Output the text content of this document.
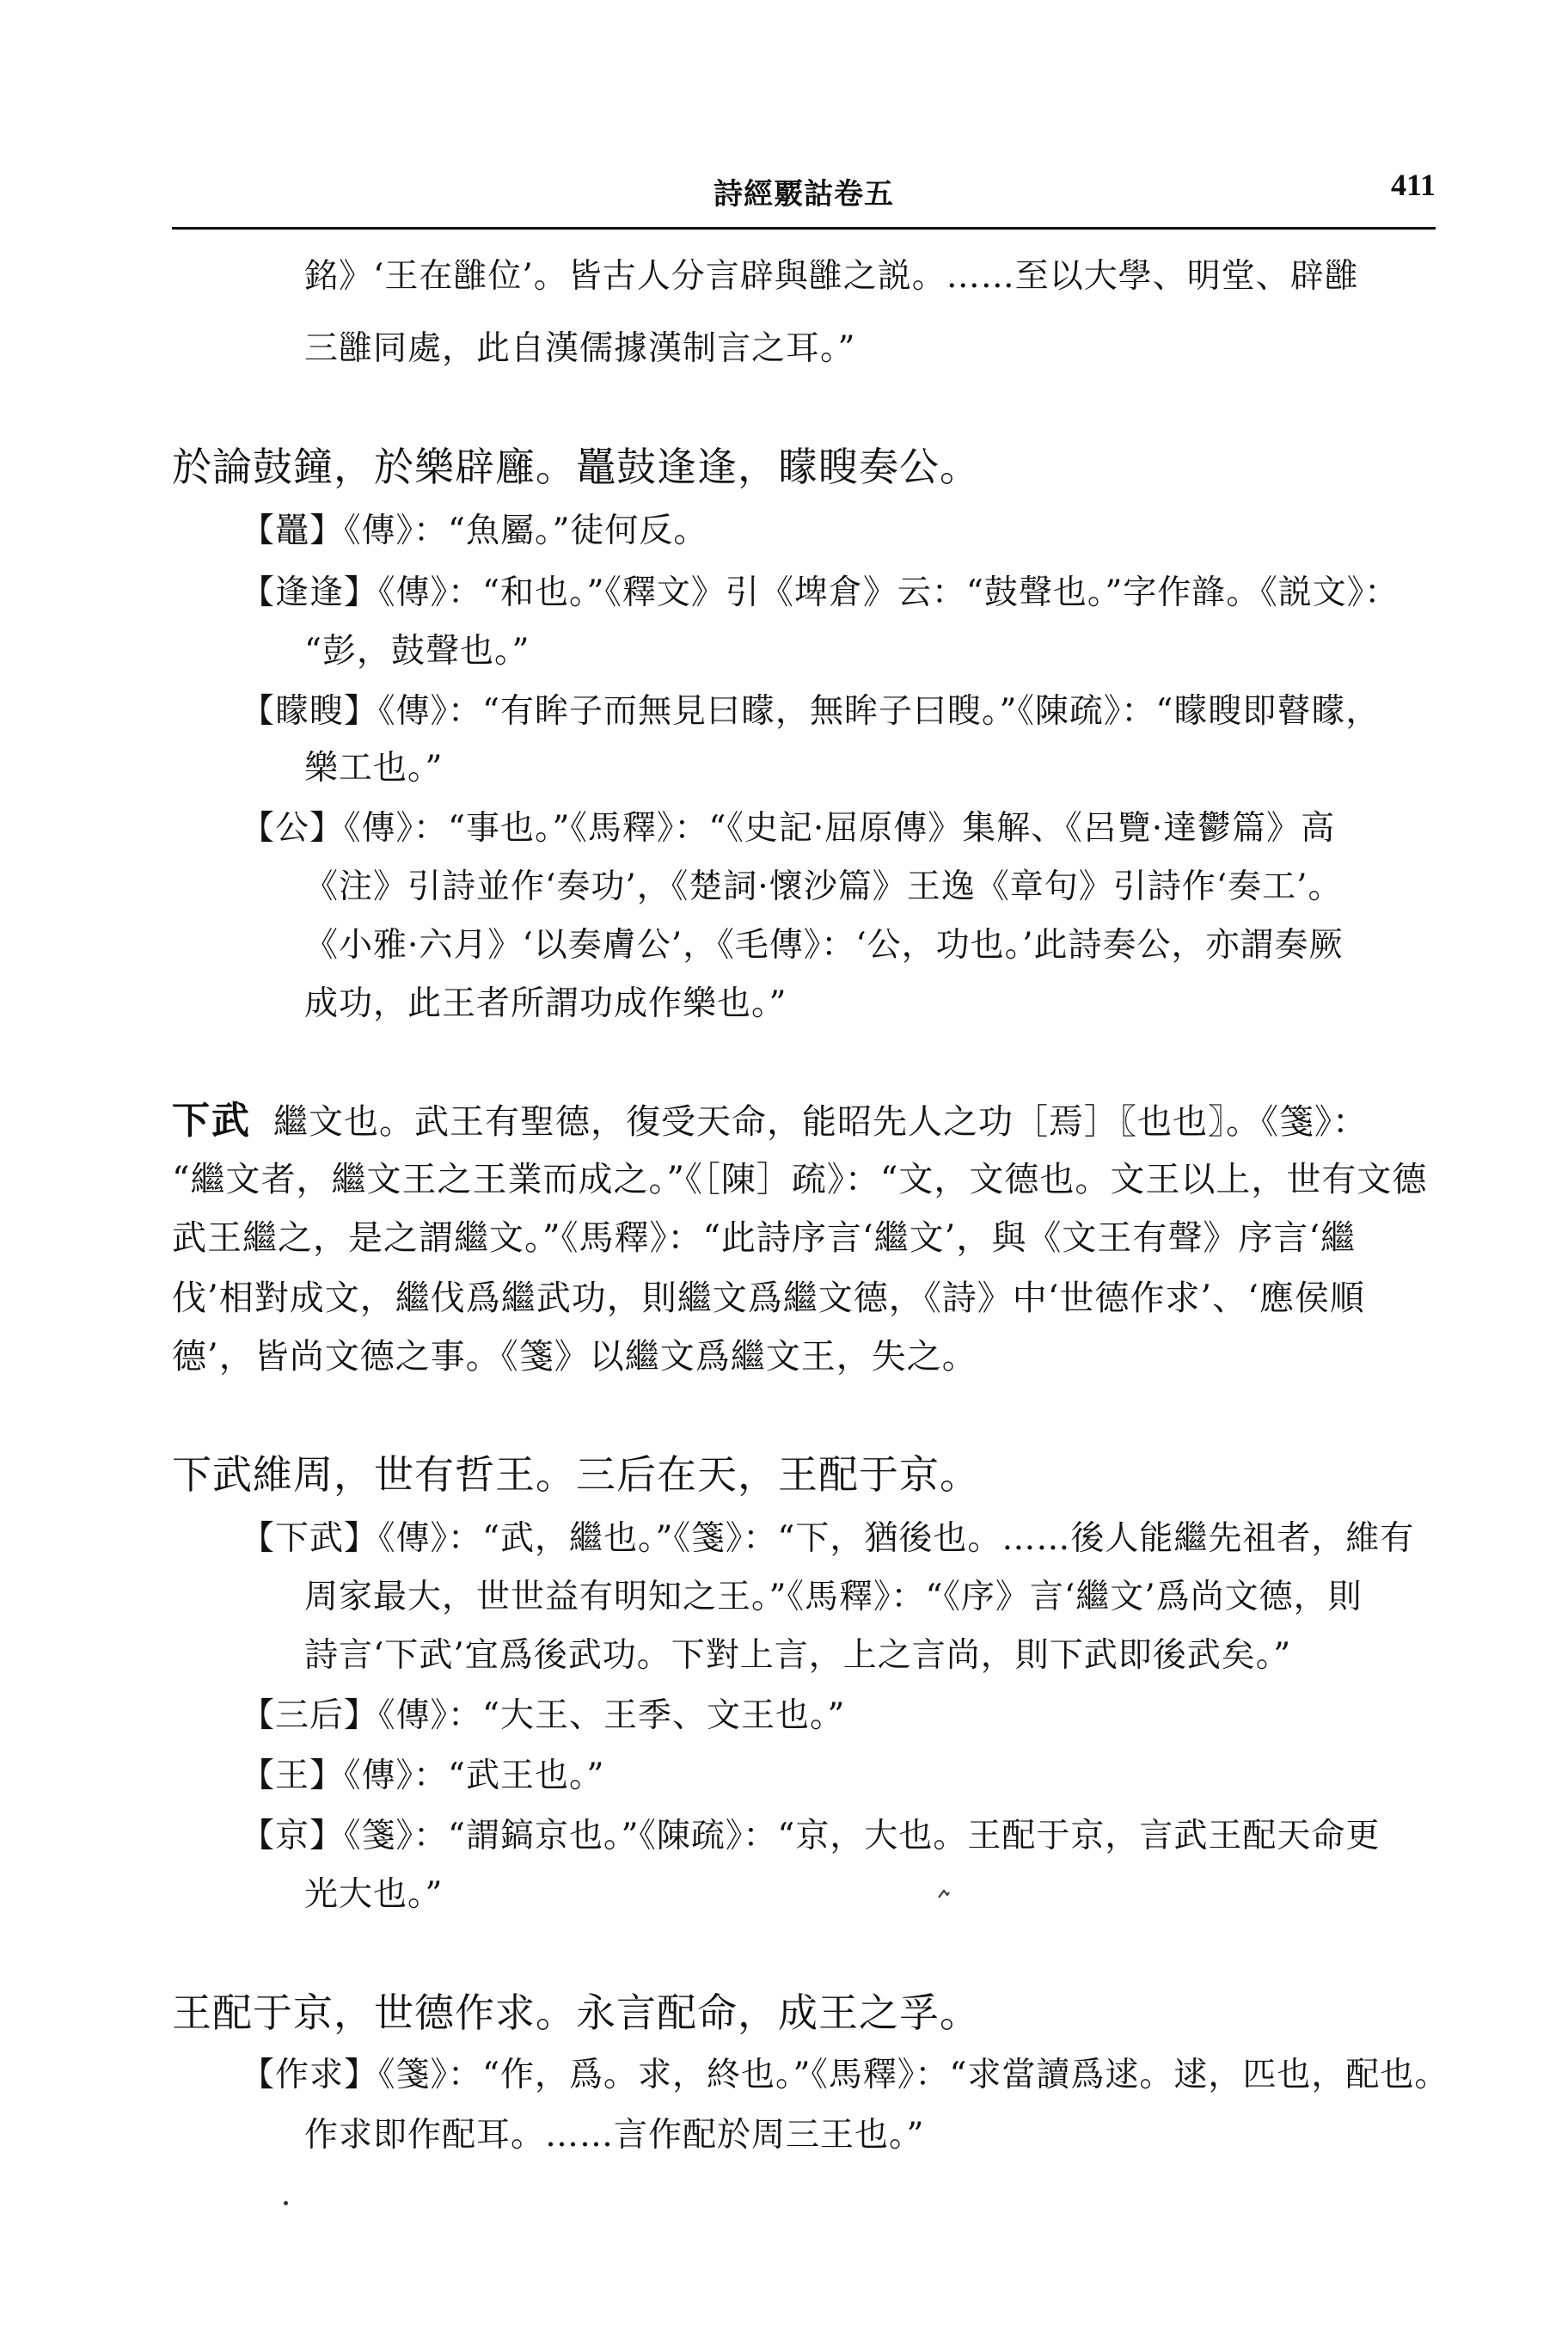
詩經覈詁卷五	411
銘》‘王在雝位’。皆古人分言辟與雝之説。……至以大學、明堂、辟雝
三雝同處，此自漢儒據漢制言之耳。”
於論鼓鐘，於樂辟廱。鼉鼓逢逢，矇瞍奏公。
【鼉】《傳》：“魚屬。”徒何反。
【逢逢】《傳》：“和也。”《釋文》引《埤倉》云：“鼓聲也。”字作韸。《説文》：
“彭，鼓聲也。”
【矇瞍】《傳》：“有眸子而無見曰矇，無眸子曰瞍。”《陳疏》：“矇瞍即瞽矇，
樂工也。”
【公】《傳》：“事也。”《馬釋》：“《史記·屈原傳》集解、《呂覽·達鬱篇》高
《注》引詩並作‘奏功’，《楚詞·懷沙篇》王逸《章句》引詩作‘奏工’。
《小雅·六月》‘以奏膚公’，《毛傳》：‘公，功也。’此詩奏公，亦謂奏厥
成功，此王者所謂功成作樂也。”
下武 繼文也。武王有聖德，復受天命，能昭先人之功［焉］〖也也〗。《箋》：
“繼文者，繼文王之王業而成之。”《［陳］疏》：“文，文德也。文王以上，世有文德
武王繼之，是之謂繼文。”《馬釋》：“此詩序言‘繼文’，與《文王有聲》序言‘繼
伐’相對成文，繼伐爲繼武功，則繼文爲繼文德，《詩》中‘世德作求’、‘應侯順
德’，皆尚文德之事。《箋》以繼文爲繼文王，失之。
下武維周，世有哲王。三后在天，王配于京。
【下武】《傳》：“武，繼也。”《箋》：“下，猶後也。……後人能繼先祖者，維有
周家最大，世世益有明知之王。”《馬釋》：“《序》言‘繼文’爲尚文德，則
詩言‘下武’宜爲後武功。下對上言，上之言尚，則下武即後武矣。”
【三后】《傳》：“大王、王季、文王也。”
【王】《傳》：“武王也。”
【京】《箋》：“謂鎬京也。”《陳疏》：“京，大也。王配于京，言武王配天命更
光大也。”
王配于京，世德作求。永言配命，成王之孚。
【作求】《箋》：“作，爲。求，終也。”《馬釋》：“求當讀爲逑。逑，匹也，配也。
作求即作配耳。……言作配於周三王也。”
